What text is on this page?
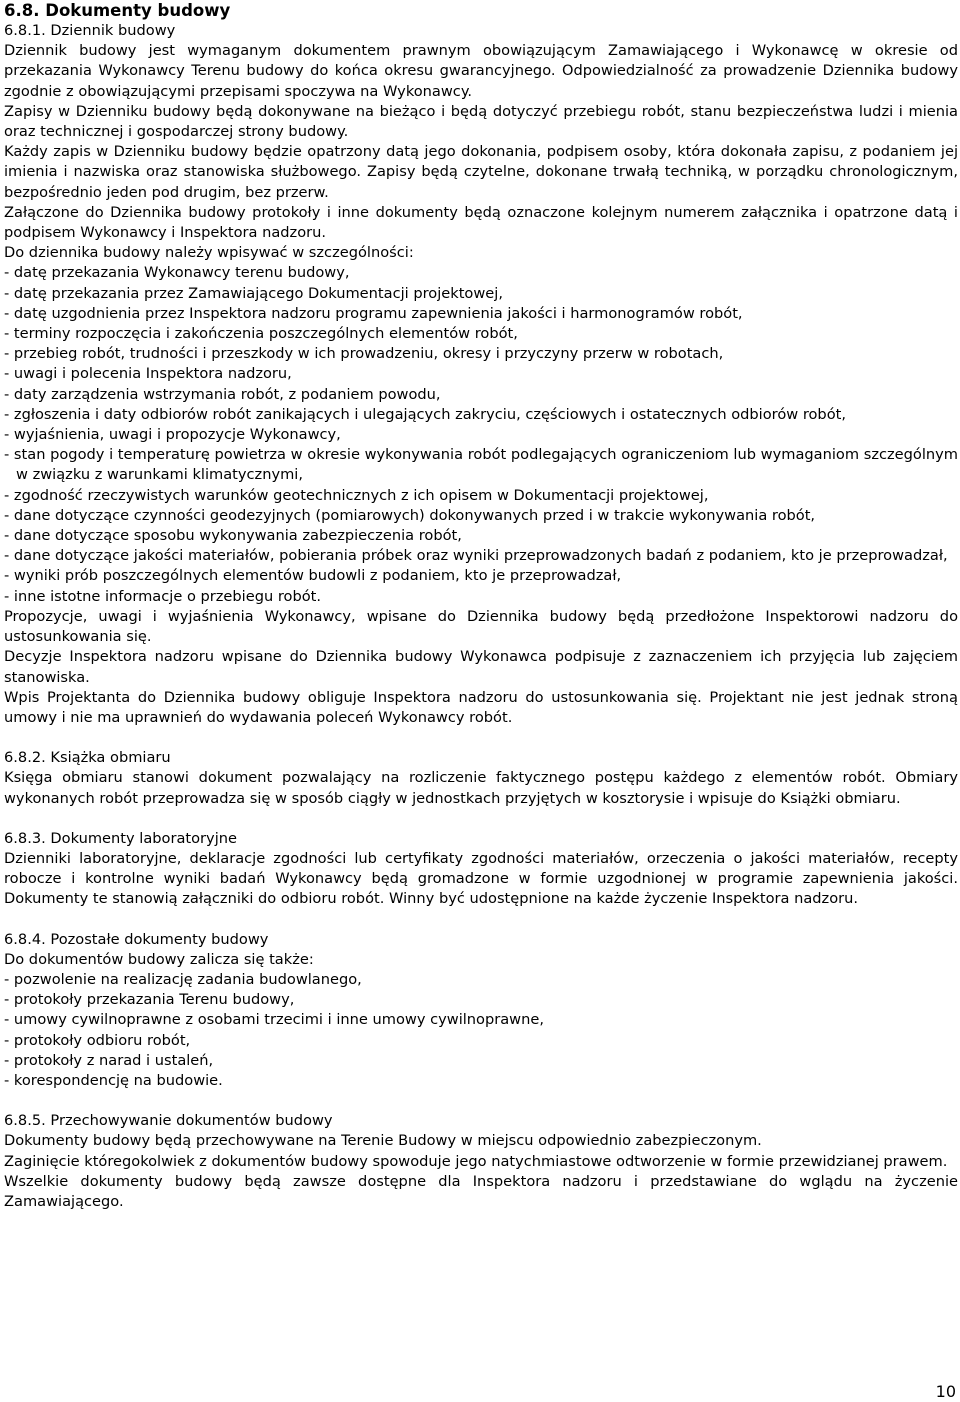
6.8. Dokumenty budowy

6.8.1. Dziennik budowy

Dziennik budowy jest wymaganym dokumentem prawnym obowiązującym Zamawiającego i Wykonawcę w okresie od przekazania Wykonawcy Terenu budowy do końca okresu gwarancyjnego. Odpowiedzialność za prowadzenie Dziennika budowy zgodnie z obowiązującymi przepisami spoczywa na Wykonawcy.

Zapisy w Dzienniku budowy będą dokonywane na bieżąco i będą dotyczyć przebiegu robót, stanu bezpieczeństwa ludzi i mienia oraz technicznej i gospodarczej strony budowy.

Każdy zapis w Dzienniku budowy będzie opatrzony datą jego dokonania, podpisem osoby, która dokonała zapisu, z podaniem jej imienia i nazwiska oraz stanowiska służbowego. Zapisy będą czytelne, dokonane trwałą techniką, w porządku chronologicznym, bezpośrednio jeden pod drugim, bez przerw.

Załączone do Dziennika budowy protokoły i inne dokumenty będą oznaczone kolejnym numerem załącznika i opatrzone datą i podpisem Wykonawcy i Inspektora nadzoru.

Do dziennika budowy należy wpisywać w szczególności:

- datę przekazania Wykonawcy terenu budowy,

- datę przekazania przez Zamawiającego Dokumentacji projektowej,

- datę uzgodnienia przez Inspektora nadzoru programu zapewnienia jakości i harmonogramów robót,

- terminy rozpoczęcia i zakończenia poszczególnych elementów robót,

- przebieg robót, trudności i przeszkody w ich prowadzeniu, okresy i przyczyny przerw w robotach,

- uwagi i polecenia Inspektora nadzoru,

- daty zarządzenia wstrzymania robót, z podaniem powodu,

- zgłoszenia i daty odbiorów robót zanikających i ulegających zakryciu, częściowych i ostatecznych odbiorów robót,

- wyjaśnienia, uwagi i propozycje Wykonawcy,

- stan pogody i temperaturę powietrza w okresie wykonywania robót podlegających ograniczeniom lub wymaganiom szczególnym w związku z warunkami klimatycznymi,

- zgodność rzeczywistych warunków geotechnicznych z ich opisem w Dokumentacji projektowej,

- dane dotyczące czynności geodezyjnych (pomiarowych) dokonywanych przed i w trakcie wykonywania robót,

- dane dotyczące sposobu wykonywania zabezpieczenia robót,

- dane dotyczące jakości materiałów, pobierania próbek oraz wyniki przeprowadzonych badań z podaniem, kto je przeprowadzał,

- wyniki prób poszczególnych elementów budowli z podaniem, kto je przeprowadzał,

- inne istotne informacje o przebiegu robót.

Propozycje, uwagi i wyjaśnienia Wykonawcy, wpisane do Dziennika budowy będą przedłożone Inspektorowi nadzoru do ustosunkowania się.

Decyzje Inspektora nadzoru wpisane do Dziennika budowy Wykonawca podpisuje z zaznaczeniem ich przyjęcia lub zajęciem stanowiska.

Wpis Projektanta do Dziennika budowy obliguje Inspektora nadzoru do ustosunkowania się. Projektant nie jest jednak stroną umowy i nie ma uprawnień do wydawania poleceń Wykonawcy robót.

6.8.2. Książka obmiaru

Księga obmiaru stanowi dokument pozwalający na rozliczenie faktycznego postępu każdego z elementów robót. Obmiary wykonanych robót przeprowadza się w sposób ciągły w jednostkach przyjętych w kosztorysie i wpisuje do Książki obmiaru.

6.8.3. Dokumenty laboratoryjne

Dzienniki laboratoryjne, deklaracje zgodności lub certyfikaty zgodności materiałów, orzeczenia o jakości materiałów, recepty robocze i kontrolne wyniki badań Wykonawcy będą gromadzone w formie uzgodnionej w programie zapewnienia jakości. Dokumenty te stanowią załączniki do odbioru robót. Winny być udostępnione na każde życzenie Inspektora nadzoru.

6.8.4. Pozostałe dokumenty budowy

Do dokumentów budowy zalicza się także:

- pozwolenie na realizację zadania budowlanego,

- protokoły przekazania Terenu budowy,

- umowy cywilnoprawne z osobami trzecimi i inne umowy cywilnoprawne,

- protokoły odbioru robót,

- protokoły z narad i ustaleń,

- korespondencję na budowie.

6.8.5. Przechowywanie dokumentów budowy

Dokumenty budowy będą przechowywane na Terenie Budowy w miejscu odpowiednio zabezpieczonym.

Zaginięcie któregokolwiek z dokumentów budowy spowoduje jego natychmiastowe odtworzenie w formie przewidzianej prawem.

Wszelkie dokumenty budowy będą zawsze dostępne dla Inspektora nadzoru i przedstawiane do wglądu na życzenie Zamawiającego.

10
